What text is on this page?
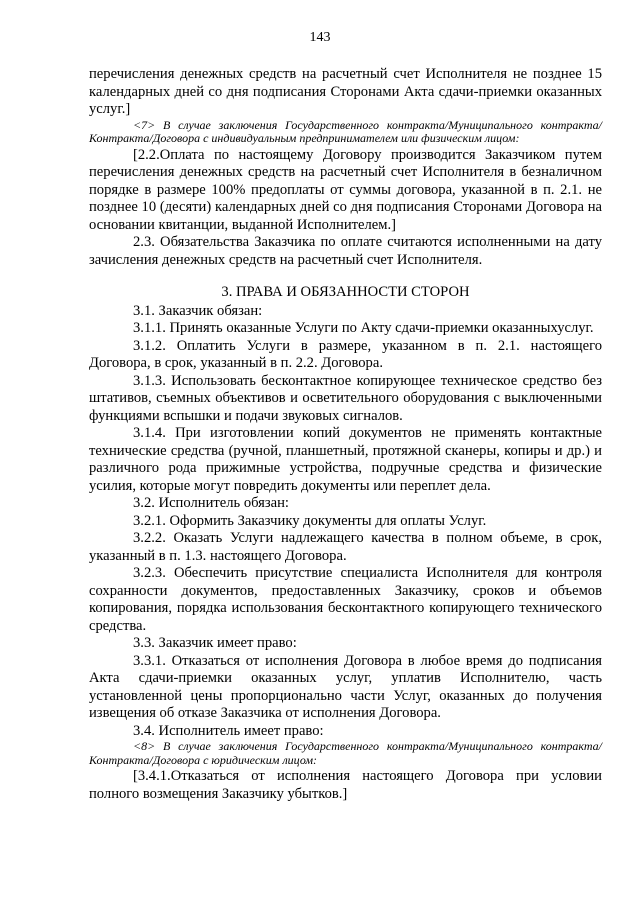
143

перечисления денежных средств на расчетный счет Исполнителя не позднее 15 календарных дней со дня подписания Сторонами Акта сдачи-приемки оказанных услуг.]

<7> В случае заключения Государственного контракта/Муниципального контракта/Контракта/Договора с индивидуальным предпринимателем или физическим лицом:

[2.2.Оплата по настоящему Договору производится Заказчиком путем перечисления денежных средств на расчетный счет Исполнителя в безналичном порядке в размере 100% предоплаты от суммы договора, указанной в п. 2.1. не позднее 10 (десяти) календарных дней со дня подписания Сторонами Договора на основании квитанции, выданной Исполнителем.]

2.3. Обязательства Заказчика по оплате считаются исполненными на дату зачисления денежных средств на расчетный счет Исполнителя.

3. ПРАВА И ОБЯЗАННОСТИ СТОРОН

3.1. Заказчик обязан:

3.1.1. Принять оказанные Услуги по Акту сдачи-приемки оказанныхуслуг.

3.1.2. Оплатить Услуги в размере, указанном в п. 2.1. настоящего Договора, в срок, указанный в п. 2.2. Договора.

3.1.3. Использовать бесконтактное копирующее техническое средство без штативов, съемных объективов и осветительного оборудования с выключенными функциями вспышки и подачи звуковых сигналов.

3.1.4. При изготовлении копий документов не применять контактные технические средства (ручной, планшетный, протяжной сканеры, копиры и др.) и различного рода прижимные устройства, подручные средства и физические усилия, которые могут повредить документы или переплет дела.

3.2. Исполнитель обязан:

3.2.1. Оформить Заказчику документы для оплаты Услуг.

3.2.2. Оказать Услуги надлежащего качества в полном объеме, в срок, указанный в п. 1.3. настоящего Договора.

3.2.3. Обеспечить присутствие специалиста Исполнителя для контроля сохранности документов, предоставленных Заказчику, сроков и объемов копирования, порядка использования бесконтактного копирующего технического средства.

3.3. Заказчик имеет право:

3.3.1. Отказаться от исполнения Договора в любое время до подписания Акта сдачи-приемки оказанных услуг, уплатив Исполнителю, часть установленной цены пропорционально части Услуг, оказанных до получения извещения об отказе Заказчика от исполнения Договора.

3.4. Исполнитель имеет право:

<8> В случае заключения Государственного контракта/Муниципального контракта/Контракта/Договора с юридическим лицом:

[3.4.1.Отказаться от исполнения настоящего Договора при условии полного возмещения Заказчику убытков.]
